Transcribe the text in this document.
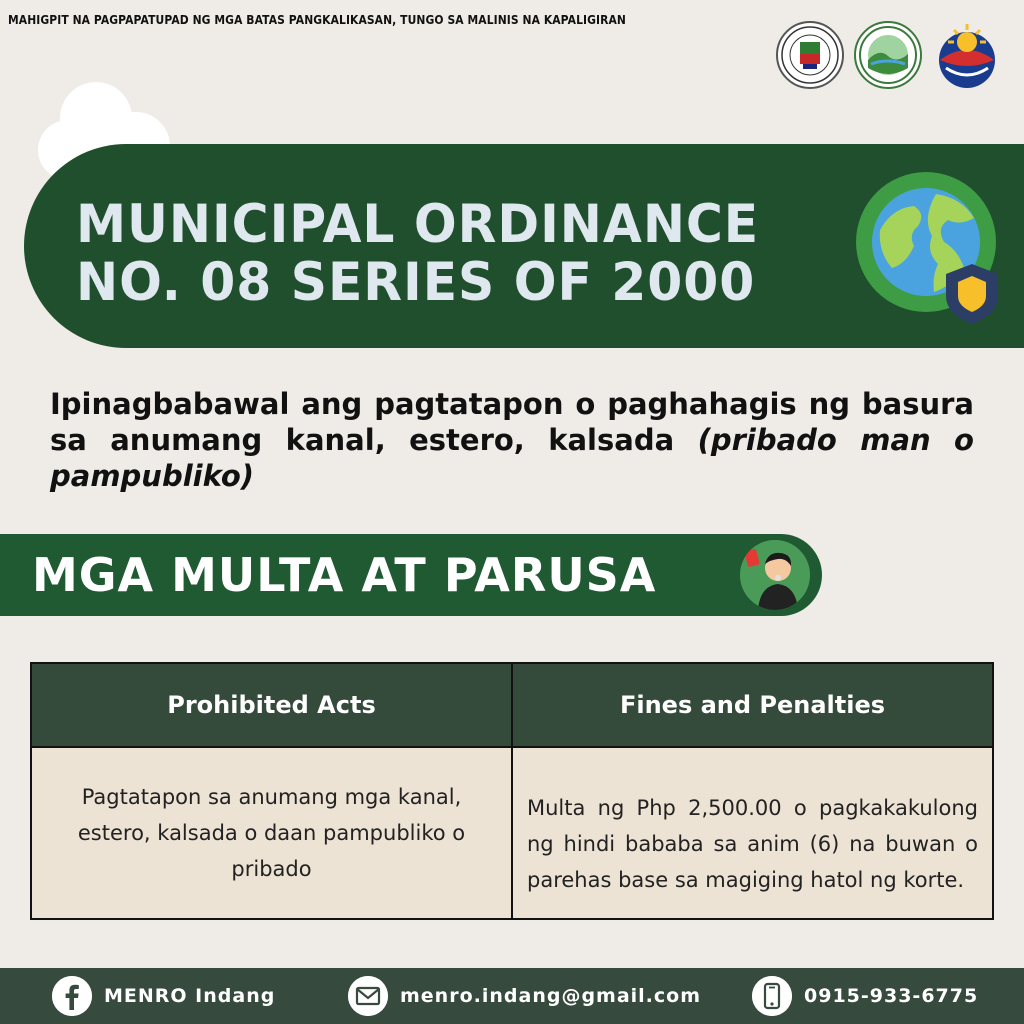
MAHIGPIT NA PAGPAPATUPAD NG MGA BATAS PANGKALIKASAN, TUNGO SA MALINIS NA KAPALIGIRAN
MUNICIPAL ORDINANCE
NO. 08 SERIES OF 2000

Ipinagbabawal ang pagtatapon o paghahagis ng basura sa anumang kanal, estero, kalsada (pribado man o pampubliko)

MGA MULTA AT PARUSA
Prohibited Acts	Fines and Penalties
Pagtatapon sa anumang mga kanal, estero, kalsada o daan pampubliko o pribado	Multa ng Php 2,500.00 o pagkakakulong ng hindi bababa sa anim (6) na buwan o parehas base sa magiging hatol ng korte.
MENRO Indang	menro.indang@gmail.com	0915-933-6775
